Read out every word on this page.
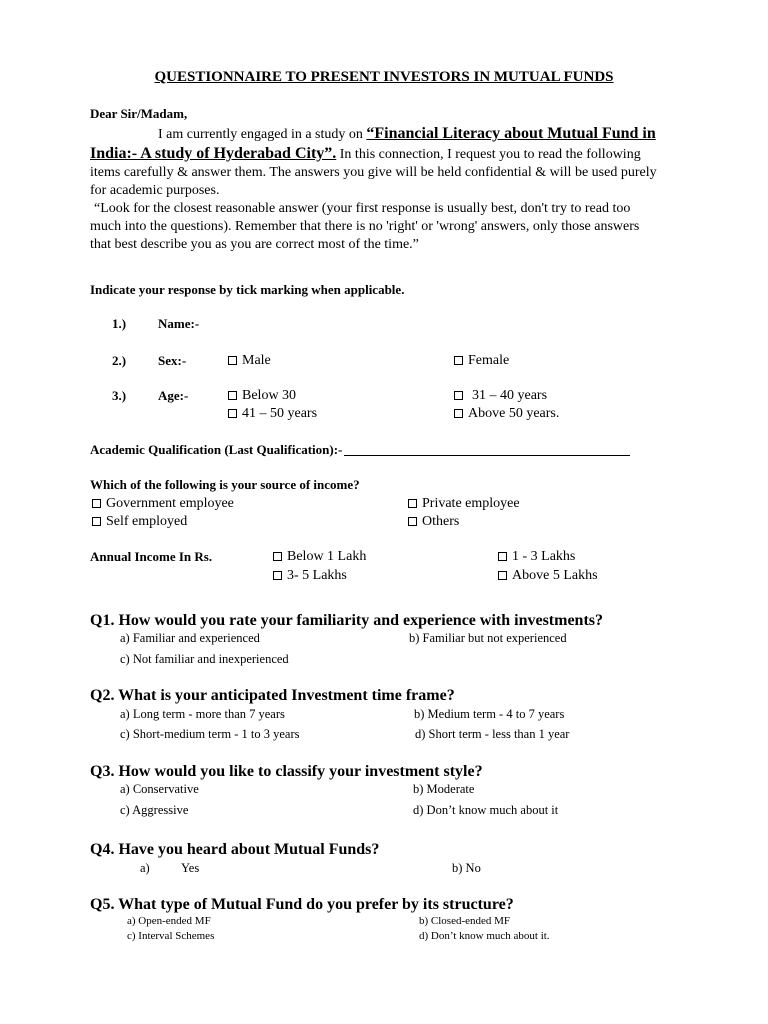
QUESTIONNAIRE TO PRESENT INVESTORS IN MUTUAL FUNDS
Dear Sir/Madam,
I am currently engaged in a study on “Financial Literacy about Mutual Fund in
India:- A study of Hyderabad City”. In this connection, I request you to read the following
items carefully & answer them. The answers you give will be held confidential & will be used purely
for academic purposes.
“Look for the closest reasonable answer (your first response is usually best, don't try to read too
much into the questions). Remember that there is no 'right' or 'wrong' answers, only those answers
that best describe you as you are correct most of the time.”
Indicate your response by tick marking when applicable.
1.) Name:-
2.) Sex:-	Male	Female
3.) Age:-	Below 30	31 – 40 years
41 – 50 years	Above 50 years.
Academic Qualification (Last Qualification):-
Which of the following is your source of income?
Government employee	Private employee
Self employed	Others
Annual Income In Rs.	Below 1 Lakh	1 - 3 Lakhs
3- 5 Lakhs	Above 5 Lakhs
Q1. How would you rate your familiarity and experience with investments?
a) Familiar and experienced	b) Familiar but not experienced
c) Not familiar and inexperienced
Q2. What is your anticipated Investment time frame?
a) Long term - more than 7 years	b) Medium term - 4 to 7 years
c) Short-medium term - 1 to 3 years	d) Short term - less than 1 year
Q3. How would you like to classify your investment style?
a) Conservative	b) Moderate
c) Aggressive	d) Don’t know much about it
Q4. Have you heard about Mutual Funds?
a)	Yes	b) No
Q5. What type of Mutual Fund do you prefer by its structure?
a) Open-ended MF	b) Closed-ended MF
c) Interval Schemes	d) Don’t know much about it.
